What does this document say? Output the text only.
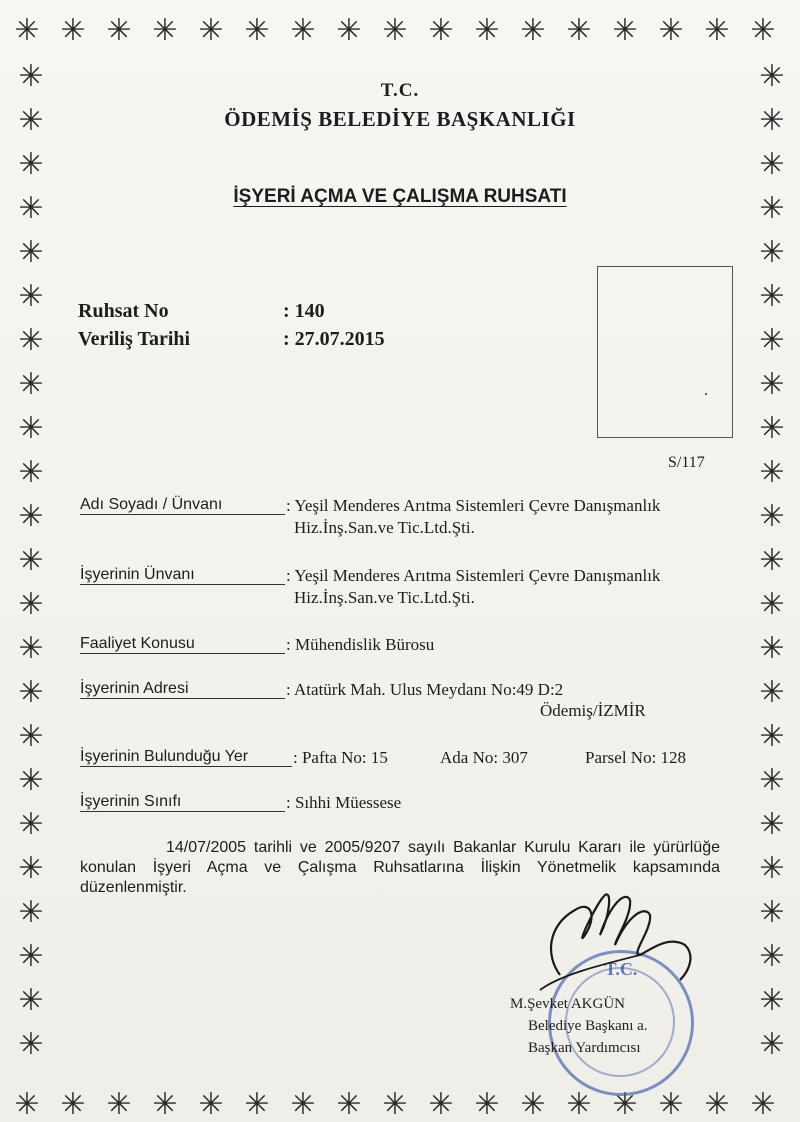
✳
✳
✳
✳
✳
✳
✳
✳
✳
✳
✳
✳
✳
✳
✳
✳
✳
✳
✳
✳
✳
✳
✳
✳
✳
✳
✳
✳
✳
✳
✳
✳
✳
✳
✳	✳
✳	✳
✳	✳
✳	✳
✳	✳
✳	✳
✳	✳
✳	✳
✳	✳
✳	✳
✳	✳
✳	✳
✳	✳
✳	✳
✳	✳
✳	✳
✳	✳
✳	✳
✳	✳
✳	✳
✳	✳
✳	✳
✳	✳
T.C.
ÖDEMİŞ BELEDİYE BAŞKANLIĞI
İŞYERİ AÇMA VE ÇALIŞMA RUHSATI
S/117
Ruhsat No	: 140
Veriliş Tarihi	: 27.07.2015
Adı Soyadı / Ünvanı	: Yeşil Menderes Arıtma Sistemleri Çevre Danışmanlık
Hiz.İnş.San.ve Tic.Ltd.Şti.
İşyerinin Ünvanı	: Yeşil Menderes Arıtma Sistemleri Çevre Danışmanlık
Hiz.İnş.San.ve Tic.Ltd.Şti.
Faaliyet Konusu	: Mühendislik Bürosu
İşyerinin Adresi	: Atatürk Mah. Ulus Meydanı No:49 D:2
Ödemiş/İZMİR
İşyerinin Bulunduğu Yer	: Pafta No: 15	Ada No: 307	Parsel No: 128
İşyerinin Sınıfı	: Sıhhi Müessese
14/07/2005 tarihli ve 2005/9207 sayılı Bakanlar Kurulu Kararı ile yürürlüğe konulan İşyeri Açma ve Çalışma Ruhsatlarına İlişkin Yönetmelik kapsamında düzenlenmiştir.
T.C.
M.Şevket AKGÜN
Belediye Başkanı a.
Başkan Yardımcısı
